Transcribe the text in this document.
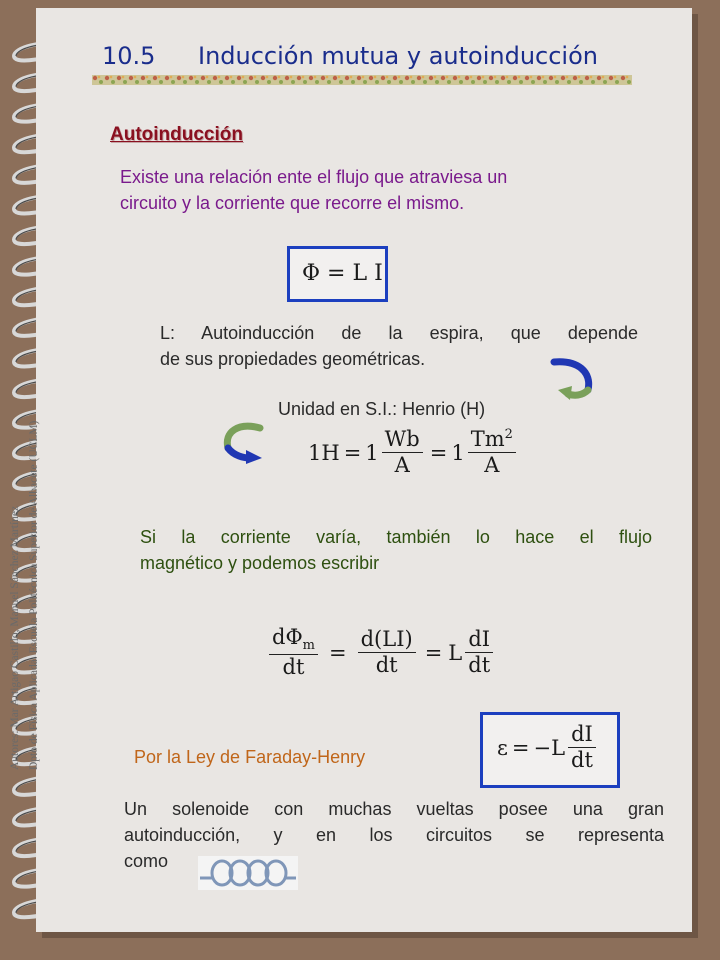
10.5 Inducción mutua y autoinducción
Autores: Mar Artigao Castillo, Manuel Sánchez Martínez Dpto de Física Aplicada. Escuela Politécnica Superior de Albacete (UCLM)
Autoinducción
Existe una relación ente el flujo que atraviesa un
circuito y la corriente que recorre el mismo.
Φ = L I
L: Autoinducción de la espira, que depende
de sus propiedades geométricas.
Unidad en S.I.: Henrio (H)
$1H = 1 \frac{Wb}{A} = 1 \frac{Tm^2}{A}$
Si la corriente varía, también lo hace el flujo
magnético y podemos escribir
$\frac{d\Phi_m}{dt} = \frac{d(LI)}{dt} = L \frac{dI}{dt}$
Por la Ley de Faraday-Henry	$\varepsilon = -L \frac{dI}{dt}$
Un solenoide con muchas vueltas posee una gran
autoinducción, y en los circuitos se representa
como
